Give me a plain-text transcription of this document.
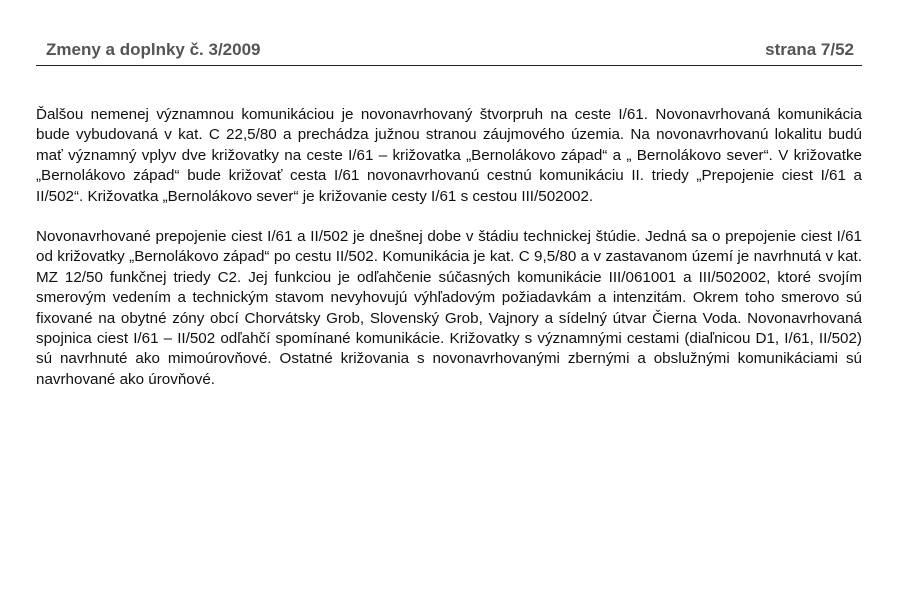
Zmeny a doplnky č. 3/2009	strana 7/52

Ďalšou nemenej významnou komunikáciou je novonavrhovaný štvorpruh na ceste I/61. Novonavrhovaná komunikácia bude vybudovaná v kat. C 22,5/80 a prechádza južnou stranou záujmového územia. Na novonavrhovanú lokalitu budú mať významný vplyv dve križovatky na ceste I/61 – križovatka „Bernolákovo západ“ a „ Bernolákovo sever“. V križovatke „Bernolákovo západ“ bude križovať cesta I/61 novonavrhovanú cestnú komunikáciu II. triedy „Prepojenie ciest I/61 a II/502“. Križovatka „Bernolákovo sever“ je križovanie cesty I/61 s cestou III/502002.

Novonavrhované prepojenie ciest I/61 a II/502 je dnešnej dobe v štádiu technickej štúdie. Jedná sa o prepojenie ciest I/61 od križovatky „Bernolákovo západ“ po cestu II/502. Komunikácia je kat. C 9,5/80 a v zastavanom území je navrhnutá v kat. MZ 12/50 funkčnej triedy C2. Jej funkciou je odľahčenie súčasných komunikácie III/061001 a III/502002, ktoré svojím smerovým vedením a technickým stavom nevyhovujú výhľadovým požiadavkám a intenzitám. Okrem toho smerovo sú fixované na obytné zóny obcí Chorvátsky Grob, Slovenský Grob, Vajnory a sídelný útvar Čierna Voda. Novonavrhovaná spojnica ciest I/61 – II/502 odľahčí spomínané komunikácie. Križovatky s významnými cestami (diaľnicou D1, I/61, II/502) sú navrhnuté ako mimoúrovňové. Ostatné križovania s novonavrhovanými zbernými a obslužnými komunikáciami sú navrhované ako úrovňové.
